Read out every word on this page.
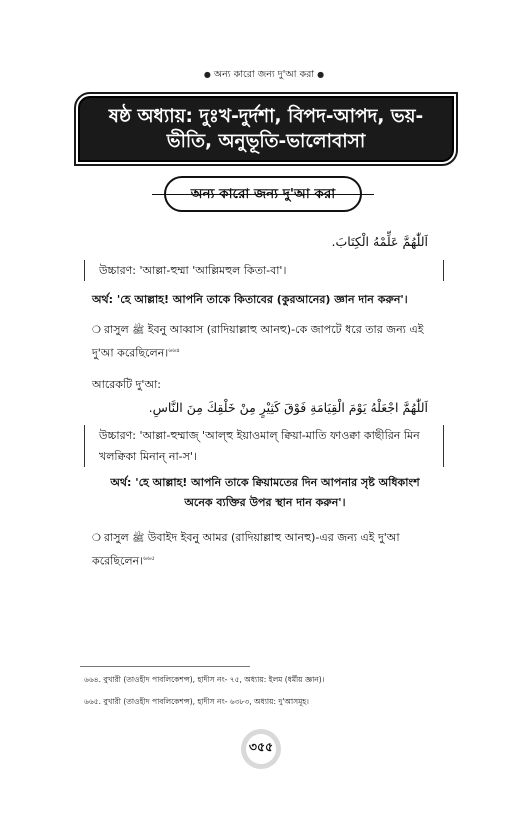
● অন্য কারো জন্য দু'আ করা ●
ষষ্ঠ অধ্যায়: দুঃখ-দুর্দশা, বিপদ-আপদ, ভয়-ভীতি, অনুভূতি-ভালোবাসা
অন্য কারো জন্য দু'আ করা
اَللّٰهُمَّ عَلِّمْهُ الْكِتَابَ.
উচ্চারণ: 'আল্লা-হুম্মা 'আল্লিমহুল কিতা-বা'।
অর্থ: 'হে আল্লাহ! আপনি তাকে কিতাবের (কুরআনের) জ্ঞান দান করুন'।
❍ রাসুল ﷺ ইবনু আব্বাস (রাদিয়াল্লাহু আনহু)-কে জাপটে ধরে তার জন্য এই দু'আ করেছিলেন।$^{৬৬৪}$
আরেকটি দু'আ:
اَللّٰهُمَّ اجْعَلْهُ يَوْمَ الْقِيَامَةِ فَوْقَ كَثِيْرٍ مِنْ خَلْقِكَ مِنَ النَّاسِ.
উচ্চারণ: 'আল্লা-হুম্মাজ্ 'আল্হু ইয়াওমাল্ ক্বিয়া-মাতি ফাওক্বা কাছীরিন মিন খলক্বিকা মিনান্ না-স'।
অর্থ: 'হে আল্লাহ! আপনি তাকে ক্বিয়ামতের দিন আপনার সৃষ্ট অধিকাংশ
অনেক ব্যক্তির উপর স্থান দান করুন'।
❍ রাসুল ﷺ উবাইদ ইবনু আমর (রাদিয়াল্লাহু আনহু)-এর জন্য এই দু'আ করেছিলেন।$^{৬৬৫}$
৬৬৪. বুখারী (তাওহীদ পাবলিকেশন্স), হাদীস নং- ৭৫, অধ্যায়: ইলম (ধর্মীয় জ্ঞান)।
৬৬৫. বুখারী (তাওহীদ পাবলিকেশন্স), হাদীস নং- ৬৩৮৩, অধ্যায়: দু'আসমূহ।
৩৫৫
